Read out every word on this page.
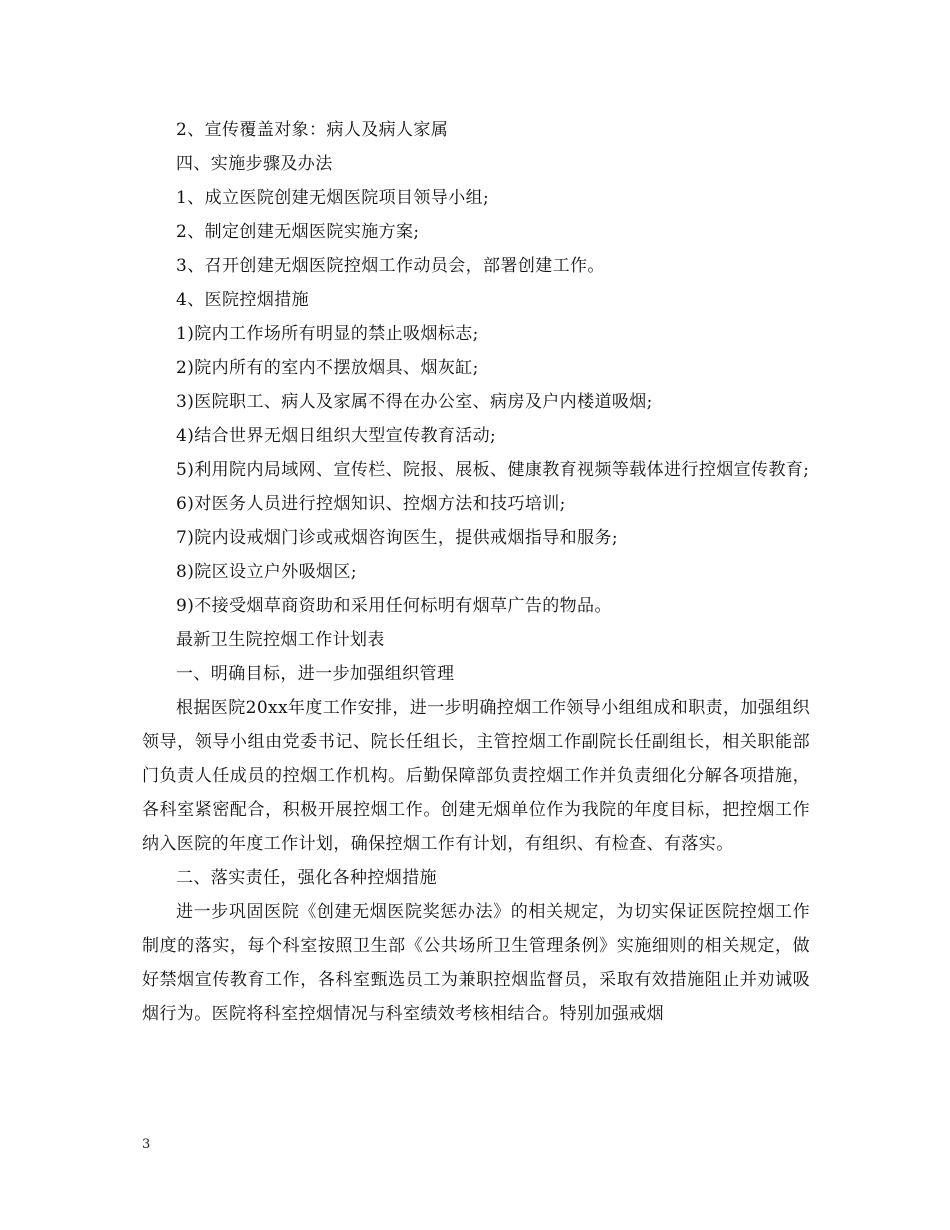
2、宣传覆盖对象：病人及病人家属

四、实施步骤及办法

1、成立医院创建无烟医院项目领导小组;

2、制定创建无烟医院实施方案;

3、召开创建无烟医院控烟工作动员会，部署创建工作。

4、医院控烟措施

1)院内工作场所有明显的禁止吸烟标志;

2)院内所有的室内不摆放烟具、烟灰缸;

3)医院职工、病人及家属不得在办公室、病房及户内楼道吸烟;

4)结合世界无烟日组织大型宣传教育活动;

5)利用院内局域网、宣传栏、院报、展板、健康教育视频等载体进行控烟宣传教育;

6)对医务人员进行控烟知识、控烟方法和技巧培训;

7)院内设戒烟门诊或戒烟咨询医生，提供戒烟指导和服务;

8)院区设立户外吸烟区;

9)不接受烟草商资助和采用任何标明有烟草广告的物品。

最新卫生院控烟工作计划表

一、明确目标，进一步加强组织管理

根据医院20xx年度工作安排，进一步明确控烟工作领导小组组成和职责，加强组织领导，领导小组由党委书记、院长任组长，主管控烟工作副院长任副组长，相关职能部门负责人任成员的控烟工作机构。后勤保障部负责控烟工作并负责细化分解各项措施，各科室紧密配合，积极开展控烟工作。创建无烟单位作为我院的年度目标，把控烟工作纳入医院的年度工作计划，确保控烟工作有计划，有组织、有检查、有落实。

二、落实责任，强化各种控烟措施

进一步巩固医院《创建无烟医院奖惩办法》的相关规定，为切实保证医院控烟工作制度的落实，每个科室按照卫生部《公共场所卫生管理条例》实施细则的相关规定，做好禁烟宣传教育工作，各科室甄选员工为兼职控烟监督员，采取有效措施阻止并劝诫吸烟行为。医院将科室控烟情况与科室绩效考核相结合。特别加强戒烟

3
